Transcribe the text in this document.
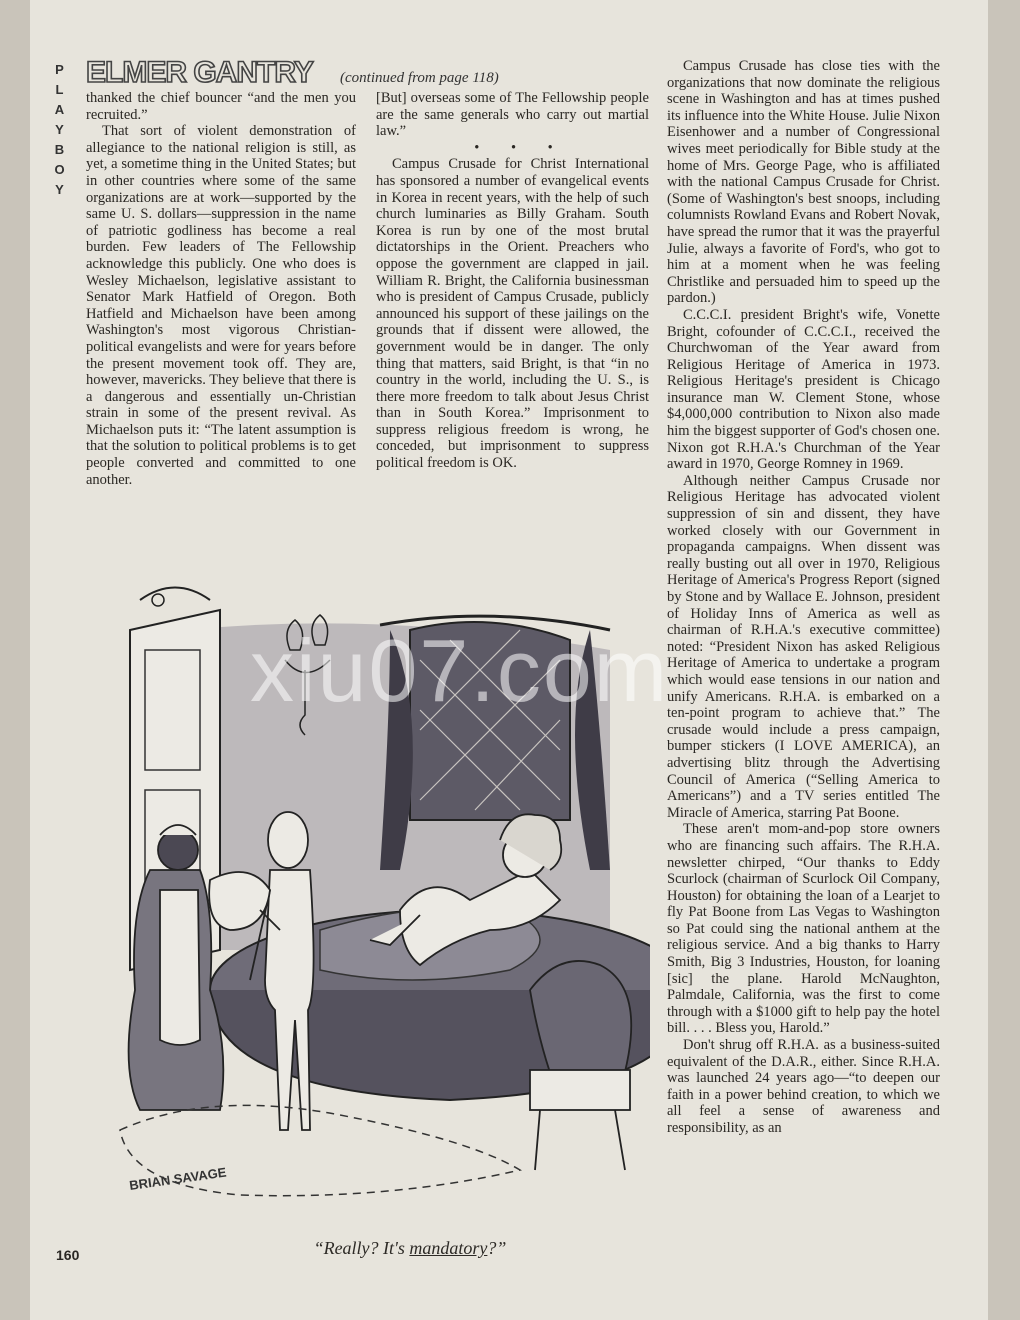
P
L
A
Y
B
O
Y
ELMER GANTRY (continued from page 118)

thanked the chief bouncer “and the men you recruited.”

That sort of violent demonstration of allegiance to the national religion is still, as yet, a sometime thing in the United States; but in other countries where some of the same organizations are at work—supported by the same U. S. dollars—suppression in the name of patriotic godliness has become a real burden. Few leaders of The Fellowship acknowledge this publicly. One who does is Wesley Michaelson, legislative assistant to Senator Mark Hatfield of Oregon. Both Hatfield and Michaelson have been among Washington's most vigorous Christian-political evangelists and were for years before the present movement took off. They are, however, mavericks. They believe that there is a dangerous and essentially un-Christian strain in some of the present revival. As Michaelson puts it: “The latent assumption is that the solution to political problems is to get people converted and committed to one another.

[But] overseas some of The Fellowship people are the same generals who carry out martial law.”

• • •

Campus Crusade for Christ International has sponsored a number of evangelical events in Korea in recent years, with the help of such church luminaries as Billy Graham. South Korea is run by one of the most brutal dictatorships in the Orient. Preachers who oppose the government are clapped in jail. William R. Bright, the California businessman who is president of Campus Crusade, publicly announced his support of these jailings on the grounds that if dissent were allowed, the government would be in danger. The only thing that matters, said Bright, is that “in no country in the world, including the U. S., is there more freedom to talk about Jesus Christ than in South Korea.” Imprisonment to suppress religious freedom is wrong, he conceded, but imprisonment to suppress political freedom is OK.

Campus Crusade has close ties with the organizations that now dominate the religious scene in Washington and has at times pushed its influence into the White House. Julie Nixon Eisenhower and a number of Congressional wives meet periodically for Bible study at the home of Mrs. George Page, who is affiliated with the national Campus Crusade for Christ. (Some of Washington's best snoops, including columnists Rowland Evans and Robert Novak, have spread the rumor that it was the prayerful Julie, always a favorite of Ford's, who got to him at a moment when he was feeling Christlike and persuaded him to speed up the pardon.)

C.C.C.I. president Bright's wife, Vonette Bright, cofounder of C.C.C.I., received the Churchwoman of the Year award from Religious Heritage of America in 1973. Religious Heritage's president is Chicago insurance man W. Clement Stone, whose $4,000,000 contribution to Nixon also made him the biggest supporter of God's chosen one. Nixon got R.H.A.'s Churchman of the Year award in 1970, George Romney in 1969.

Although neither Campus Crusade nor Religious Heritage has advocated violent suppression of sin and dissent, they have worked closely with our Government in propaganda campaigns. When dissent was really busting out all over in 1970, Religious Heritage of America's Progress Report (signed by Stone and by Wallace E. Johnson, president of Holiday Inns of America as well as chairman of R.H.A.'s executive committee) noted: “President Nixon has asked Religious Heritage of America to undertake a program which would ease tensions in our nation and unify Americans. R.H.A. is embarked on a ten-point program to achieve that.” The crusade would include a press campaign, bumper stickers (I LOVE AMERICA), an advertising blitz through the Advertising Council of America (“Selling America to Americans”) and a TV series entitled The Miracle of America, starring Pat Boone.

These aren't mom-and-pop store owners who are financing such affairs. The R.H.A. newsletter chirped, “Our thanks to Eddy Scurlock (chairman of Scurlock Oil Company, Houston) for obtaining the loan of a Learjet to fly Pat Boone from Las Vegas to Washington so Pat could sing the national anthem at the religious service. And a big thanks to Harry Smith, Big 3 Industries, Houston, for loaning [sic] the plane. Harold McNaughton, Palmdale, California, was the first to come through with a $1000 gift to help pay the hotel bill. . . . Bless you, Harold.”

Don't shrug off R.H.A. as a business-suited equivalent of the D.A.R., either. Since R.H.A. was launched 24 years ago—“to deepen our faith in a power behind creation, to which we all feel a sense of awareness and responsibility, as an

BRIAN SAVAGE
“Really? It's mandatory?”
160
xiu07.com
